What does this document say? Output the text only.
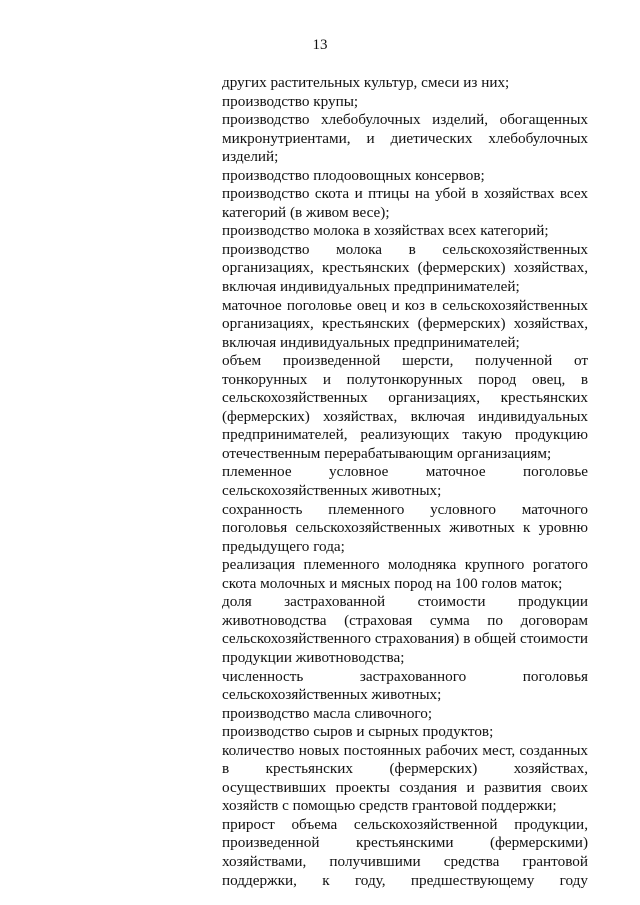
13

других растительных культур, смеси из них;

производство крупы;

производство хлебобулочных изделий, обогащенных микронутриентами, и диетических хлебобулочных изделий;

производство плодоовощных консервов;

производство скота и птицы на убой в хозяйствах всех категорий (в живом весе);

производство молока в хозяйствах всех категорий;

производство молока в сельскохозяйственных организациях, крестьянских (фермерских) хозяйствах, включая индивидуальных предпринимателей;

маточное поголовье овец и коз в сельскохозяйственных организациях, крестьянских (фермерских) хозяйствах, включая индивидуальных предпринимателей;

объем произведенной шерсти, полученной от тонкорунных и полутонкорунных пород овец, в сельскохозяйственных организациях, крестьянских (фермерских) хозяйствах, включая индивидуальных предпринимателей, реализующих такую продукцию отечественным перерабатывающим организациям;

племенное условное маточное поголовье сельскохозяйственных животных;

сохранность племенного условного маточного поголовья сельскохозяйственных животных к уровню предыдущего года;

реализация племенного молодняка крупного рогатого скота молочных и мясных пород на 100 голов маток;

доля застрахованной стоимости продукции животноводства (страховая сумма по договорам сельскохозяйственного страхования) в общей стоимости продукции животноводства;

численность застрахованного поголовья сельскохозяйственных животных;

производство масла сливочного;

производство сыров и сырных продуктов;

количество новых постоянных рабочих мест, созданных в крестьянских (фермерских) хозяйствах, осуществивших проекты создания и развития своих хозяйств с помощью средств грантовой поддержки;

прирост объема сельскохозяйственной продукции, произведенной крестьянскими (фермерскими) хозяйствами, получившими средства грантовой поддержки, к году, предшествующему году
